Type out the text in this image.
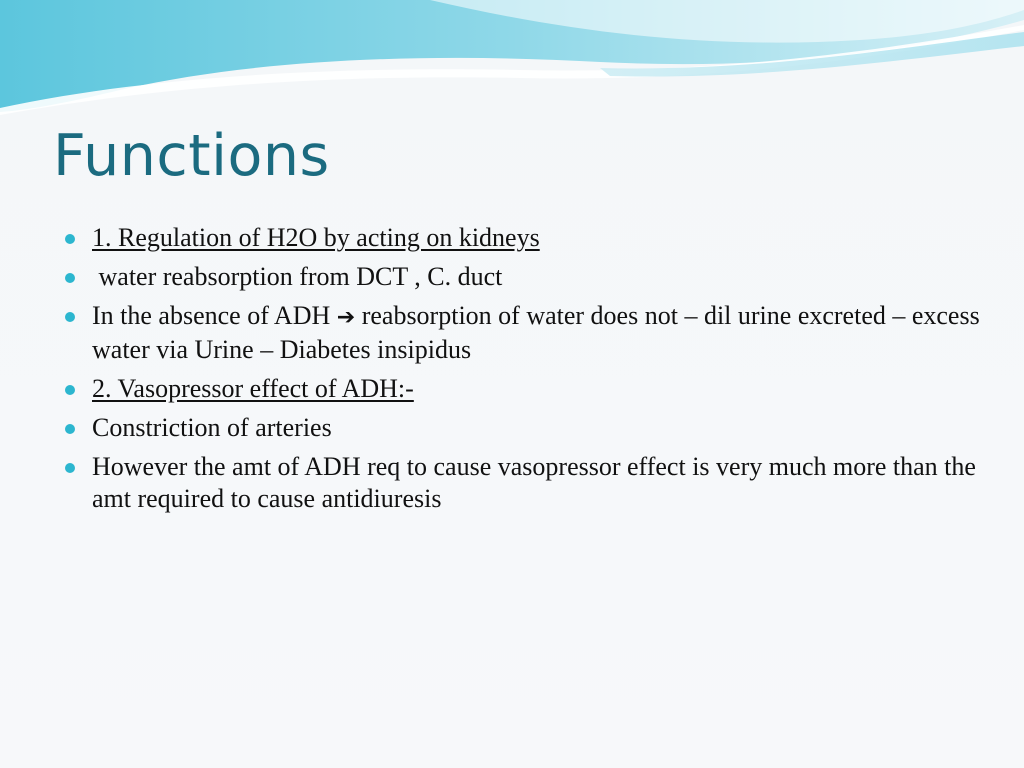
Functions
1. Regulation of H2O by acting on kidneys
water reabsorption from DCT , C. duct
In the absence of ADH ➔ reabsorption of water does not – dil urine excreted – excess water via Urine – Diabetes insipidus
2. Vasopressor effect of ADH:-
Constriction of arteries
However the amt of ADH req to cause vasopressor effect is very much more than the amt required to cause antidiuresis
